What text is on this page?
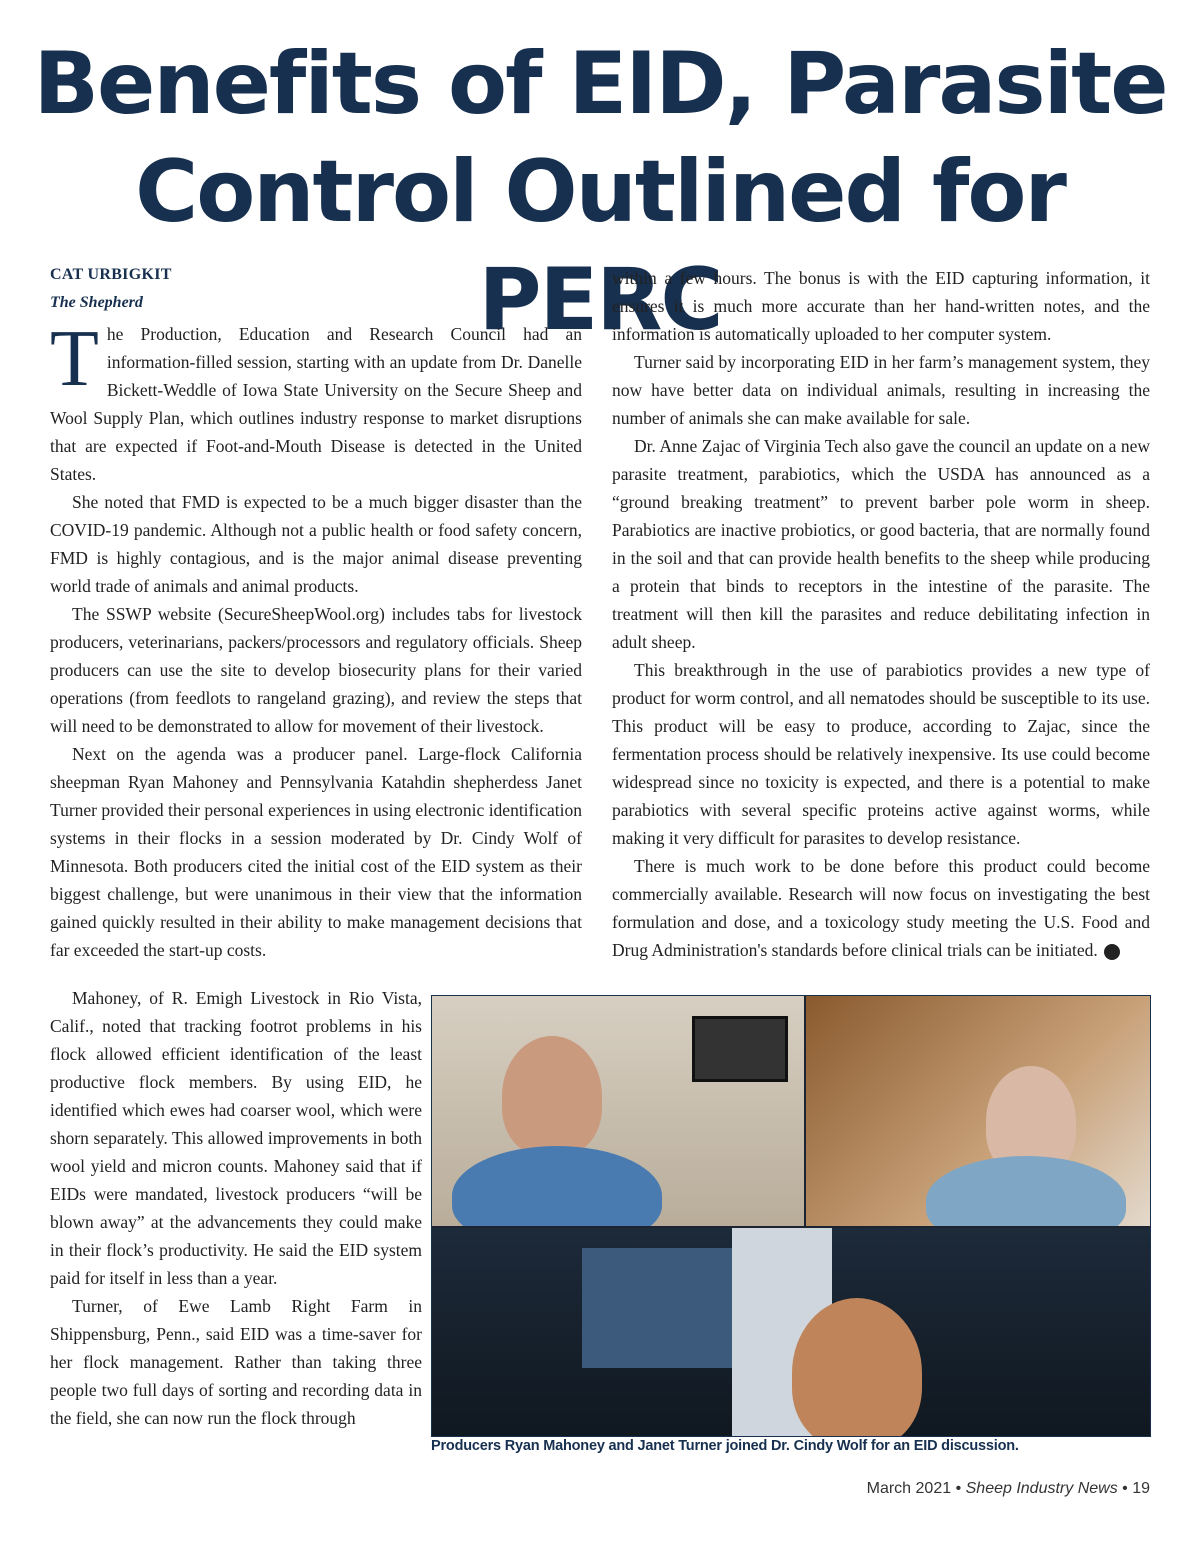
Benefits of EID, Parasite
Control Outlined for PERC
CAT URBIGKIT
The Shepherd

The Production, Education and Research Council had an information-filled session, starting with an update from Dr. Danelle Bickett-Weddle of Iowa State University on the Secure Sheep and Wool Supply Plan, which outlines industry response to market disruptions that are expected if Foot-and-Mouth Disease is detected in the United States.

She noted that FMD is expected to be a much bigger disaster than the COVID-19 pandemic. Although not a public health or food safety concern, FMD is highly contagious, and is the major animal disease preventing world trade of animals and animal products.

The SSWP website (SecureSheepWool.org) includes tabs for livestock producers, veterinarians, packers/processors and regulatory officials. Sheep producers can use the site to develop biosecurity plans for their varied operations (from feedlots to rangeland grazing), and review the steps that will need to be demonstrated to allow for movement of their livestock.

Next on the agenda was a producer panel. Large-flock California sheepman Ryan Mahoney and Pennsylvania Katahdin shepherdess Janet Turner provided their personal experiences in using electronic identification systems in their flocks in a session moderated by Dr. Cindy Wolf of Minnesota. Both producers cited the initial cost of the EID system as their biggest challenge, but were unanimous in their view that the information gained quickly resulted in their ability to make management decisions that far exceeded the start-up costs.

Mahoney, of R. Emigh Livestock in Rio Vista, Calif., noted that tracking footrot problems in his flock allowed efficient identification of the least productive flock members. By using EID, he identified which ewes had coarser wool, which were shorn separately. This allowed improvements in both wool yield and micron counts. Mahoney said that if EIDs were mandated, livestock producers “will be blown away” at the advancements they could make in their flock’s productivity. He said the EID system paid for itself in less than a year.

Turner, of Ewe Lamb Right Farm in Shippensburg, Penn., said EID was a time-saver for her flock management. Rather than taking three people two full days of sorting and recording data in the field, she can now run the flock through

within a few hours. The bonus is with the EID capturing information, it ensures it is much more accurate than her hand-written notes, and the information is automatically uploaded to her computer system.

Turner said by incorporating EID in her farm’s management system, they now have better data on individual animals, resulting in increasing the number of animals she can make available for sale.

Dr. Anne Zajac of Virginia Tech also gave the council an update on a new parasite treatment, parabiotics, which the USDA has announced as a “ground breaking treatment” to prevent barber pole worm in sheep. Parabiotics are inactive probiotics, or good bacteria, that are normally found in the soil and that can provide health benefits to the sheep while producing a protein that binds to receptors in the intestine of the parasite. The treatment will then kill the parasites and reduce debilitating infection in adult sheep.

This breakthrough in the use of parabiotics provides a new type of product for worm control, and all nematodes should be susceptible to its use. This product will be easy to produce, according to Zajac, since the fermentation process should be relatively inexpensive. Its use could become widespread since no toxicity is expected, and there is a potential to make parabiotics with several specific proteins active against worms, while making it very difficult for parasites to develop resistance.

There is much work to be done before this product could become commercially available. Research will now focus on investigating the best formulation and dose, and a toxicology study meeting the U.S. Food and Drug Administration's standards before clinical trials can be initiated.	❖

Producers Ryan Mahoney and Janet Turner joined Dr. Cindy Wolf for an EID discussion.
March 2021 • Sheep Industry News • 19
